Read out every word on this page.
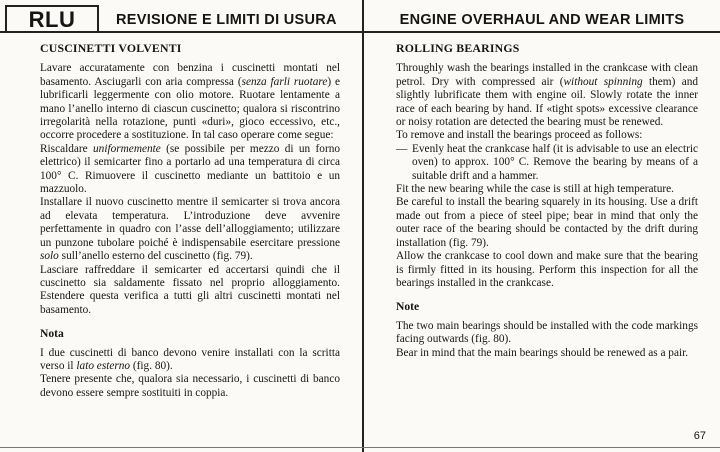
RLU	REVISIONE E LIMITI DI USURA
CUSCINETTI VOLVENTI

Lavare accuratamente con benzina i cuscinetti montati nel basamento. Asciugarli con aria compressa (senza farli ruotare) e lubrificarli leggermente con olio motore. Ruotare lentamente a mano l’anello interno di ciascun cuscinetto; qualora si riscontrino irregolarità nella rotazione, punti «duri», gioco eccessivo, etc., occorre procedere a sostituzione. In tal caso operare come segue:

Riscaldare uniformemente (se possibile per mezzo di un forno elettrico) il semicarter fino a portarlo ad una temperatura di circa 100° C. Rimuovere il cuscinetto mediante un battitoio e un mazzuolo.

Installare il nuovo cuscinetto mentre il semicarter si trova ancora ad elevata temperatura. L’introduzione deve avvenire perfettamente in quadro con l’asse dell’alloggiamento; utilizzare un punzone tubolare poiché è indispensabile esercitare pressione solo sull’anello esterno del cuscinetto (fig. 79).

Lasciare raffreddare il semicarter ed accertarsi quindi che il cuscinetto sia saldamente fissato nel proprio alloggiamento. Estendere questa verifica a tutti gli altri cuscinetti montati nel basamento.

Nota

I due cuscinetti di banco devono venire installati con la scritta verso il lato esterno (fig. 80).

Tenere presente che, qualora sia necessario, i cuscinetti di banco devono essere sempre sostituiti in coppia.

ENGINE OVERHAUL AND WEAR LIMITS
ROLLING BEARINGS

Throughly wash the bearings installed in the crankcase with clean petrol. Dry with compressed air (without spinning them) and slightly lubrificate them with engine oil. Slowly rotate the inner race of each bearing by hand. If «tight spots» excessive clearance or noisy rotation are detected the bearing must be renewed.

To remove and install the bearings proceed as follows:

— Evenly heat the crankcase half (it is advisable to use an electric oven) to approx. 100° C. Remove the bearing by means of a suitable drift and a hammer.

Fit the new bearing while the case is still at high temperature.

Be careful to install the bearing squarely in its housing. Use a drift made out from a piece of steel pipe; bear in mind that only the outer race of the bearing should be contacted by the drift during installation (fig. 79).

Allow the crankcase to cool down and make sure that the bearing is firmly fitted in its housing. Perform this inspection for all the bearings installed in the crankcase.

Note

The two main bearings should be installed with the code markings facing outwards (fig. 80).

Bear in mind that the main bearings should be renewed as a pair.

67
